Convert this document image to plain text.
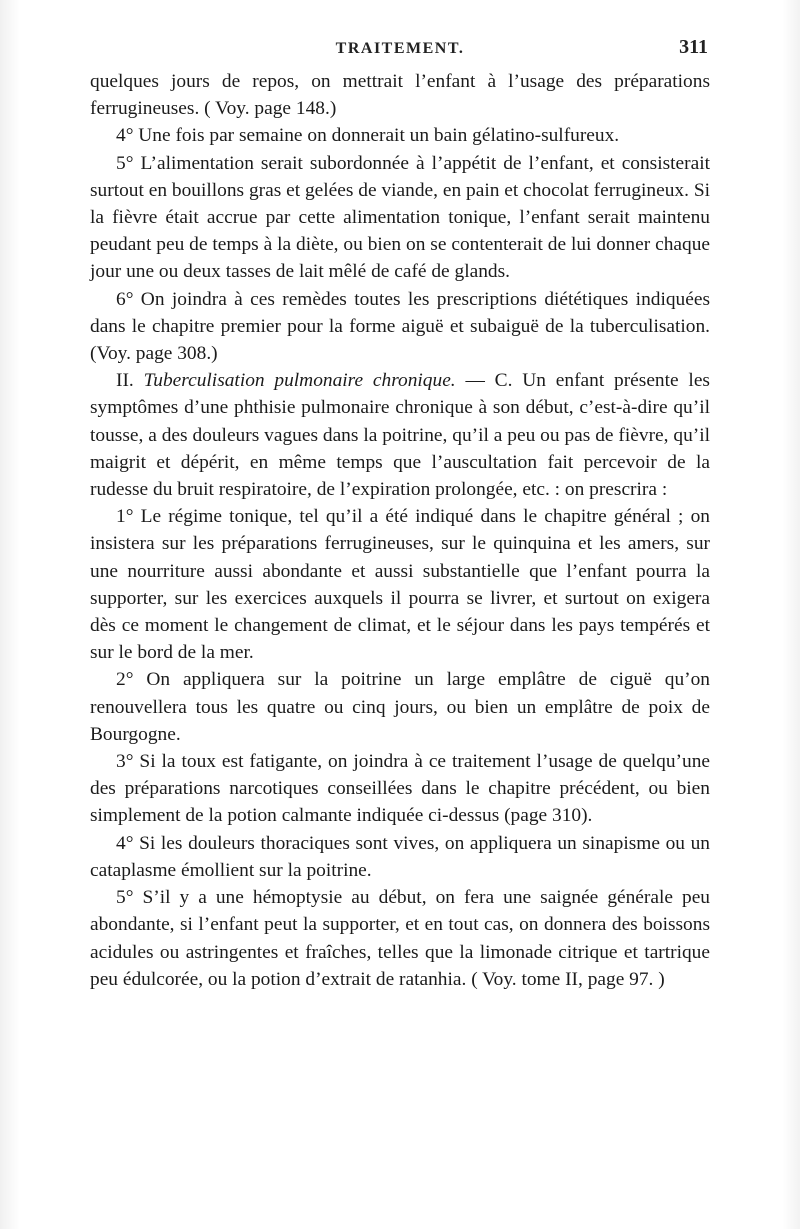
TRAITEMENT.	311

quelques jours de repos, on mettrait l’enfant à l’usage des préparations ferrugineuses. ( Voy. page 148.)

4° Une fois par semaine on donnerait un bain gélatino-sulfureux.

5° L’alimentation serait subordonnée à l’appétit de l’enfant, et consisterait surtout en bouillons gras et gelées de viande, en pain et chocolat ferrugineux. Si la fièvre était accrue par cette alimentation tonique, l’enfant serait maintenu peudant peu de temps à la diète, ou bien on se contenterait de lui donner chaque jour une ou deux tasses de lait mêlé de café de glands.

6° On joindra à ces remèdes toutes les prescriptions diététiques indiquées dans le chapitre premier pour la forme aiguë et subaiguë de la tuberculisation. (Voy. page 308.)

II. Tuberculisation pulmonaire chronique. — C. Un enfant présente les symptômes d’une phthisie pulmonaire chronique à son début, c’est-à-dire qu’il tousse, a des douleurs vagues dans la poitrine, qu’il a peu ou pas de fièvre, qu’il maigrit et dépérit, en même temps que l’auscultation fait percevoir de la rudesse du bruit respiratoire, de l’expiration prolongée, etc. : on prescrira :

1° Le régime tonique, tel qu’il a été indiqué dans le chapitre général ; on insistera sur les préparations ferrugineuses, sur le quinquina et les amers, sur une nourriture aussi abondante et aussi substantielle que l’enfant pourra la supporter, sur les exercices auxquels il pourra se livrer, et surtout on exigera dès ce moment le changement de climat, et le séjour dans les pays tempérés et sur le bord de la mer.

2° On appliquera sur la poitrine un large emplâtre de ciguë qu’on renouvellera tous les quatre ou cinq jours, ou bien un emplâtre de poix de Bourgogne.

3° Si la toux est fatigante, on joindra à ce traitement l’usage de quelqu’une des préparations narcotiques conseillées dans le chapitre précédent, ou bien simplement de la potion calmante indiquée ci-dessus (page 310).

4° Si les douleurs thoraciques sont vives, on appliquera un sinapisme ou un cataplasme émollient sur la poitrine.

5° S’il y a une hémoptysie au début, on fera une saignée générale peu abondante, si l’enfant peut la supporter, et en tout cas, on donnera des boissons acidules ou astringentes et fraîches, telles que la limonade citrique et tartrique peu édulcorée, ou la potion d’extrait de ratanhia. ( Voy. tome II, page 97. )
